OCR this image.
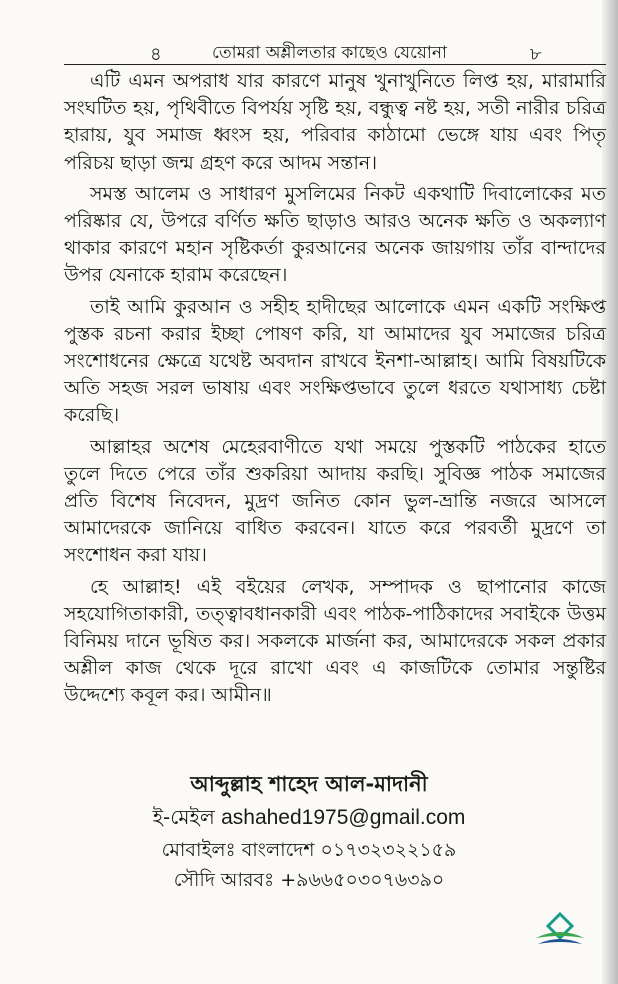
৪	তোমরা অশ্লীলতার কাছেও যেয়োনা	৮

এটি এমন অপরাধ যার কারণে মানুষ খুনাখুনিতে লিপ্ত হয়, মারামারি সংঘটিত হয়, পৃথিবীতে বিপর্যয় সৃষ্টি হয়, বন্ধুত্ব নষ্ট হয়, সতী নারীর চরিত্র হারায়, যুব সমাজ ধ্বংস হয়, পরিবার কাঠামো ভেঙ্গে যায় এবং পিতৃ পরিচয় ছাড়া জন্ম গ্রহণ করে আদম সন্তান।

সমস্ত আলেম ও সাধারণ মুসলিমের নিকট একথাটি দিবালোকের মত পরিষ্কার যে, উপরে বর্ণিত ক্ষতি ছাড়াও আরও অনেক ক্ষতি ও অকল্যাণ থাকার কারণে মহান সৃষ্টিকর্তা কুরআনের অনেক জায়গায় তাঁর বান্দাদের উপর যেনাকে হারাম করেছেন।

তাই আমি কুরআন ও সহীহ হাদীছের আলোকে এমন একটি সংক্ষিপ্ত পুস্তক রচনা করার ইচ্ছা পোষণ করি, যা আমাদের যুব সমাজের চরিত্র সংশোধনের ক্ষেত্রে যথেষ্ট অবদান রাখবে ইনশা-আল্লাহ। আমি বিষয়টিকে অতি সহজ সরল ভাষায় এবং সংক্ষিপ্তভাবে তুলে ধরতে যথাসাধ্য চেষ্টা করেছি।

আল্লাহর অশেষ মেহেরবাণীতে যথা সময়ে পুস্তকটি পাঠকের হাতে তুলে দিতে পেরে তাঁর শুকরিয়া আদায় করছি। সুবিজ্ঞ পাঠক সমাজের প্রতি বিশেষ নিবেদন, মুদ্রণ জনিত কোন ভুল-ভ্রান্তি নজরে আসলে আমাদেরকে জানিয়ে বাধিত করবেন। যাতে করে পরবর্তী মুদ্রণে তা সংশোধন করা যায়।

হে আল্লাহ! এই বইয়ের লেখক, সম্পাদক ও ছাপানোর কাজে সহযোগিতাকারী, তত্ত্বাবধানকারী এবং পাঠক-পাঠিকাদের সবাইকে উত্তম বিনিময় দানে ভূষিত কর। সকলকে মার্জনা কর, আমাদেরকে সকল প্রকার অশ্লীল কাজ থেকে দূরে রাখো এবং এ কাজটিকে তোমার সন্তুষ্টির উদ্দেশ্যে কবূল কর। আমীন॥

আব্দুল্লাহ শাহেদ আল-মাদানী
ই-মেইল ashahed1975@gmail.com
মোবাইলঃ বাংলাদেশ ০১৭৩২৩২২১৫৯
সৌদি আরবঃ +৯৬৬৫০৩০৭৬৩৯০
